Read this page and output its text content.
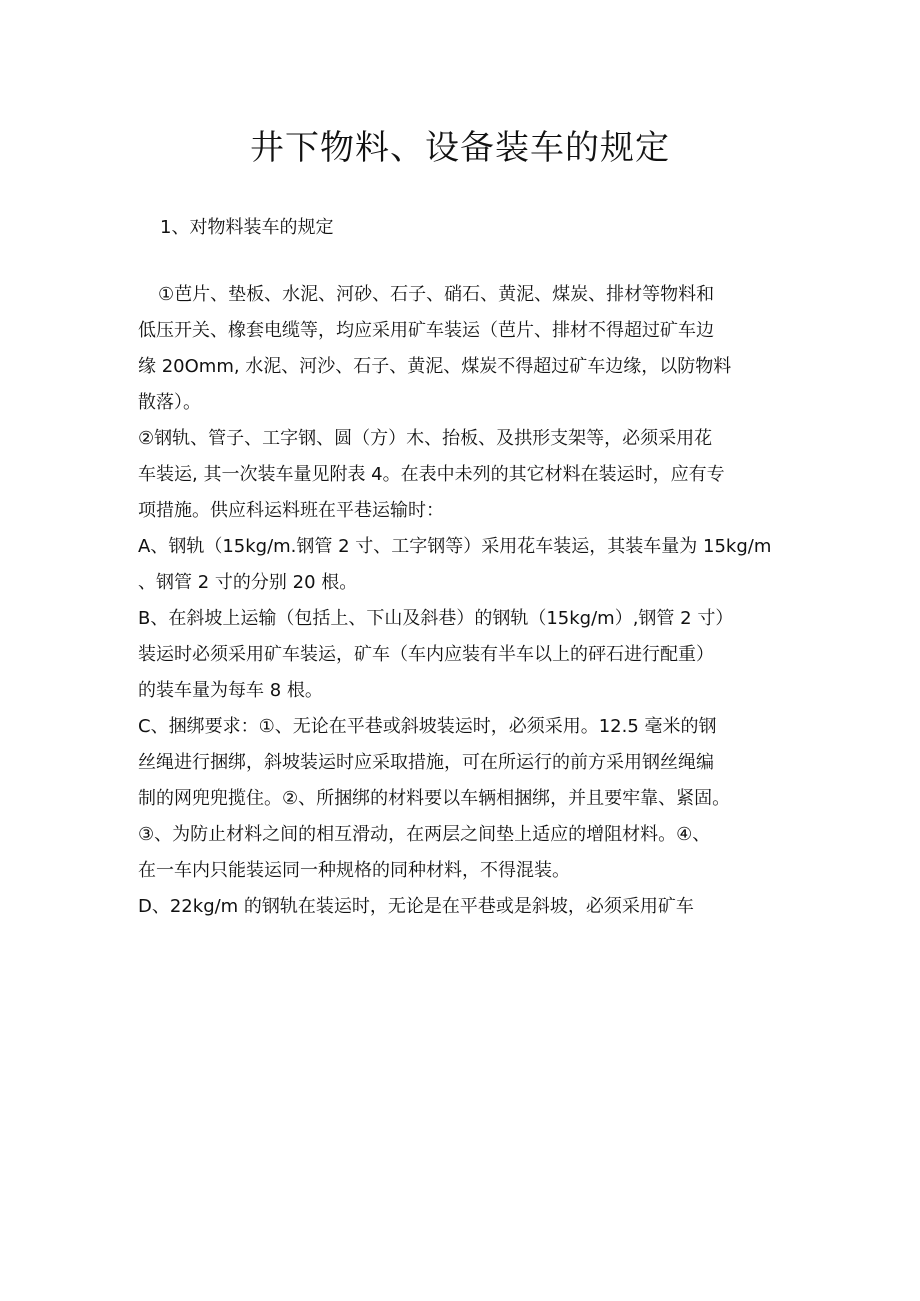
井下物料、设备装车的规定

1、对物料装车的规定

①芭片、垫板、水泥、河砂、石子、硝石、黄泥、煤炭、排材等物料和

低压开关、橡套电缆等，均应采用矿车装运（芭片、排材不得超过矿车边

缘 20Omm, 水泥、河沙、石子、黄泥、煤炭不得超过矿车边缘，以防物料

散落）。

②钢轨、管子、工字钢、圆（方）木、抬板、及拱形支架等，必须采用花

车装运, 其一次装车量见附表 4。在表中未列的其它材料在装运时，应有专

项措施。供应科运料班在平巷运输时：

A、钢轨（15kg/m.钢管 2 寸、工字钢等）采用花车装运，其装车量为 15kg/m

、钢管 2 寸的分别 20 根。

B、在斜坡上运输（包括上、下山及斜巷）的钢轨（15kg/m）,钢管 2 寸）

装运时必须采用矿车装运，矿车（车内应装有半车以上的砰石进行配重）

的装车量为每车 8 根。

C、捆绑要求：①、无论在平巷或斜坡装运时，必须采用。12.5 毫米的钢

丝绳进行捆绑，斜坡装运时应采取措施，可在所运行的前方采用钢丝绳编

制的网兜兜揽住。②、所捆绑的材料要以车辆相捆绑，并且要牢靠、紧固。

③、为防止材料之间的相互滑动，在两层之间垫上适应的增阻材料。④、

在一车内只能装运同一种规格的同种材料，不得混装。

D、22kg/m 的钢轨在装运时，无论是在平巷或是斜坡，必须采用矿车
